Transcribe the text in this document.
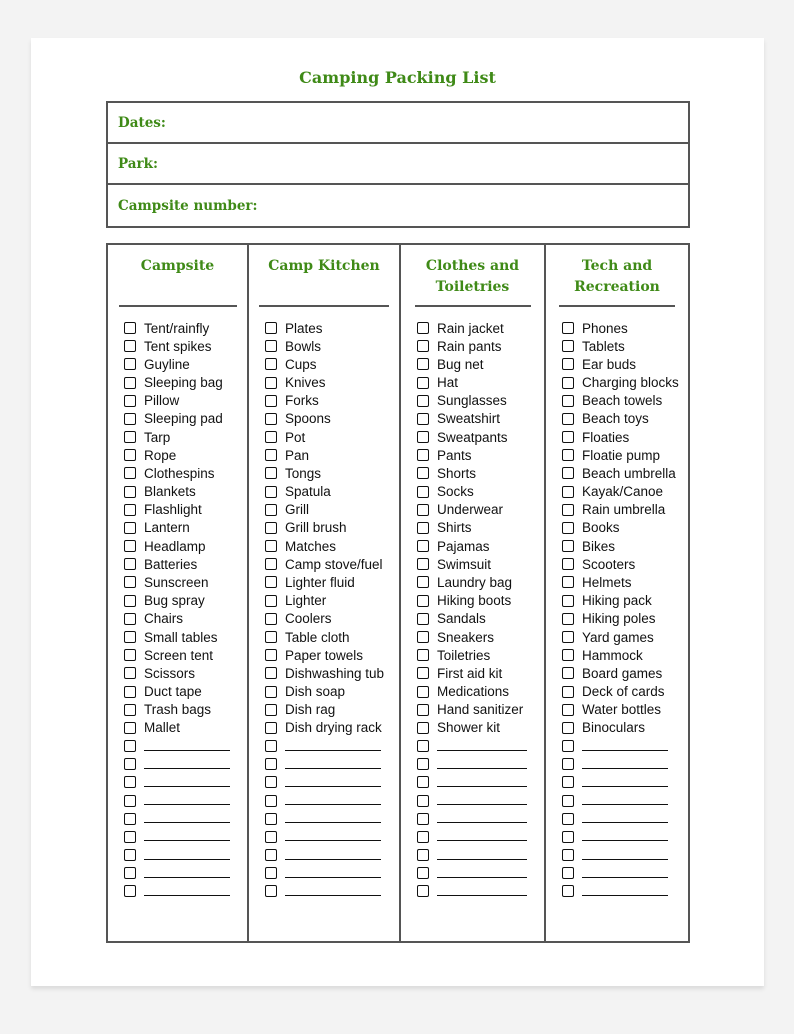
Camping Packing List
Dates:
Park:
Campsite number:
Campsite
Tent/rainfly
Tent spikes
Guyline
Sleeping bag
Pillow
Sleeping pad
Tarp
Rope
Clothespins
Blankets
Flashlight
Lantern
Headlamp
Batteries
Sunscreen
Bug spray
Chairs
Small tables
Screen tent
Scissors
Duct tape
Trash bags
Mallet
Camp Kitchen
Plates
Bowls
Cups
Knives
Forks
Spoons
Pot
Pan
Tongs
Spatula
Grill
Grill brush
Matches
Camp stove/fuel
Lighter fluid
Lighter
Coolers
Table cloth
Paper towels
Dishwashing tub
Dish soap
Dish rag
Dish drying rack
Clothes and Toiletries
Rain jacket
Rain pants
Bug net
Hat
Sunglasses
Sweatshirt
Sweatpants
Pants
Shorts
Socks
Underwear
Shirts
Pajamas
Swimsuit
Laundry bag
Hiking boots
Sandals
Sneakers
Toiletries
First aid kit
Medications
Hand sanitizer
Shower kit
Tech and Recreation
Phones
Tablets
Ear buds
Charging blocks
Beach towels
Beach toys
Floaties
Floatie pump
Beach umbrella
Kayak/Canoe
Rain umbrella
Books
Bikes
Scooters
Helmets
Hiking pack
Hiking poles
Yard games
Hammock
Board games
Deck of cards
Water bottles
Binoculars
